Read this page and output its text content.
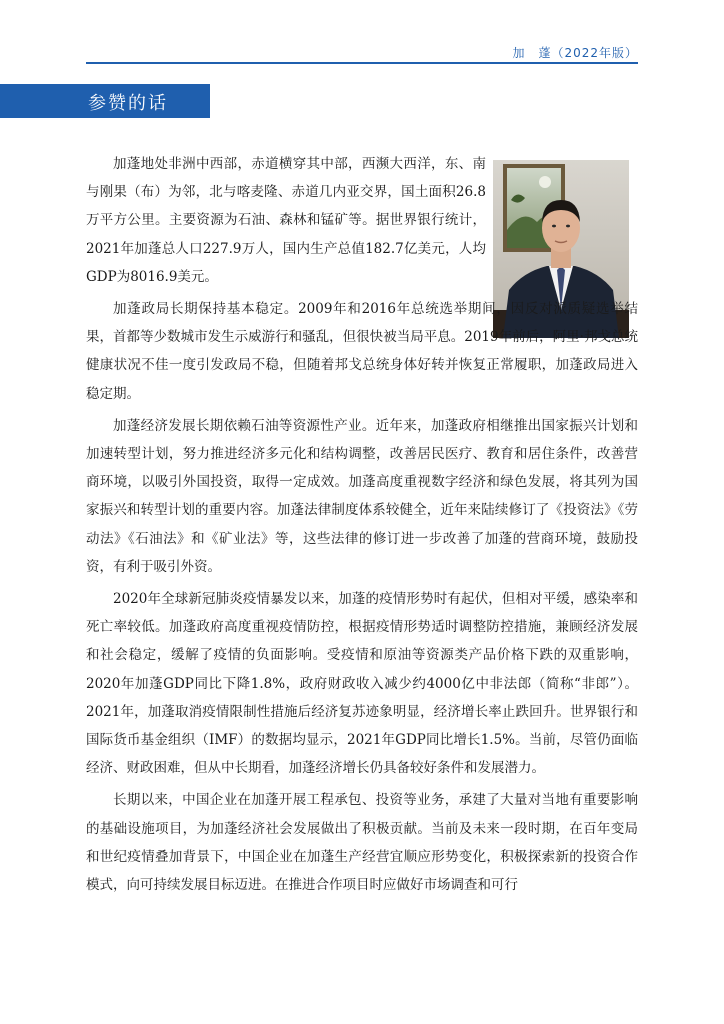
加　蓬（2022年版）
参赞的话

加蓬地处非洲中西部，赤道横穿其中部，西濒大西洋，东、南与刚果（布）为邻，北与喀麦隆、赤道几内亚交界，国土面积26.8万平方公里。主要资源为石油、森林和锰矿等。据世界银行统计，2021年加蓬总人口227.9万人，国内生产总值182.7亿美元，人均GDP为8016.9美元。

加蓬政局长期保持基本稳定。2009年和2016年总统选举期间，因反对派质疑选举结果，首都等少数城市发生示威游行和骚乱，但很快被当局平息。2019年前后，阿里·邦戈总统健康状况不佳一度引发政局不稳，但随着邦戈总统身体好转并恢复正常履职，加蓬政局进入稳定期。

加蓬经济发展长期依赖石油等资源性产业。近年来，加蓬政府相继推出国家振兴计划和加速转型计划，努力推进经济多元化和结构调整，改善居民医疗、教育和居住条件，改善营商环境，以吸引外国投资，取得一定成效。加蓬高度重视数字经济和绿色发展，将其列为国家振兴和转型计划的重要内容。加蓬法律制度体系较健全，近年来陆续修订了《投资法》《劳动法》《石油法》和《矿业法》等，这些法律的修订进一步改善了加蓬的营商环境，鼓励投资，有利于吸引外资。

2020年全球新冠肺炎疫情暴发以来，加蓬的疫情形势时有起伏，但相对平缓，感染率和死亡率较低。加蓬政府高度重视疫情防控，根据疫情形势适时调整防控措施，兼顾经济发展和社会稳定，缓解了疫情的负面影响。受疫情和原油等资源类产品价格下跌的双重影响，2020年加蓬GDP同比下降1.8%，政府财政收入减少约4000亿中非法郎（简称“非郎”）。2021年，加蓬取消疫情限制性措施后经济复苏迹象明显，经济增长率止跌回升。世界银行和国际货币基金组织（IMF）的数据均显示，2021年GDP同比增长1.5%。当前，尽管仍面临经济、财政困难，但从中长期看，加蓬经济增长仍具备较好条件和发展潜力。

长期以来，中国企业在加蓬开展工程承包、投资等业务，承建了大量对当地有重要影响的基础设施项目，为加蓬经济社会发展做出了积极贡献。当前及未来一段时期，在百年变局和世纪疫情叠加背景下，中国企业在加蓬生产经营宜顺应形势变化，积极探索新的投资合作模式，向可持续发展目标迈进。在推进合作项目时应做好市场调查和可行
